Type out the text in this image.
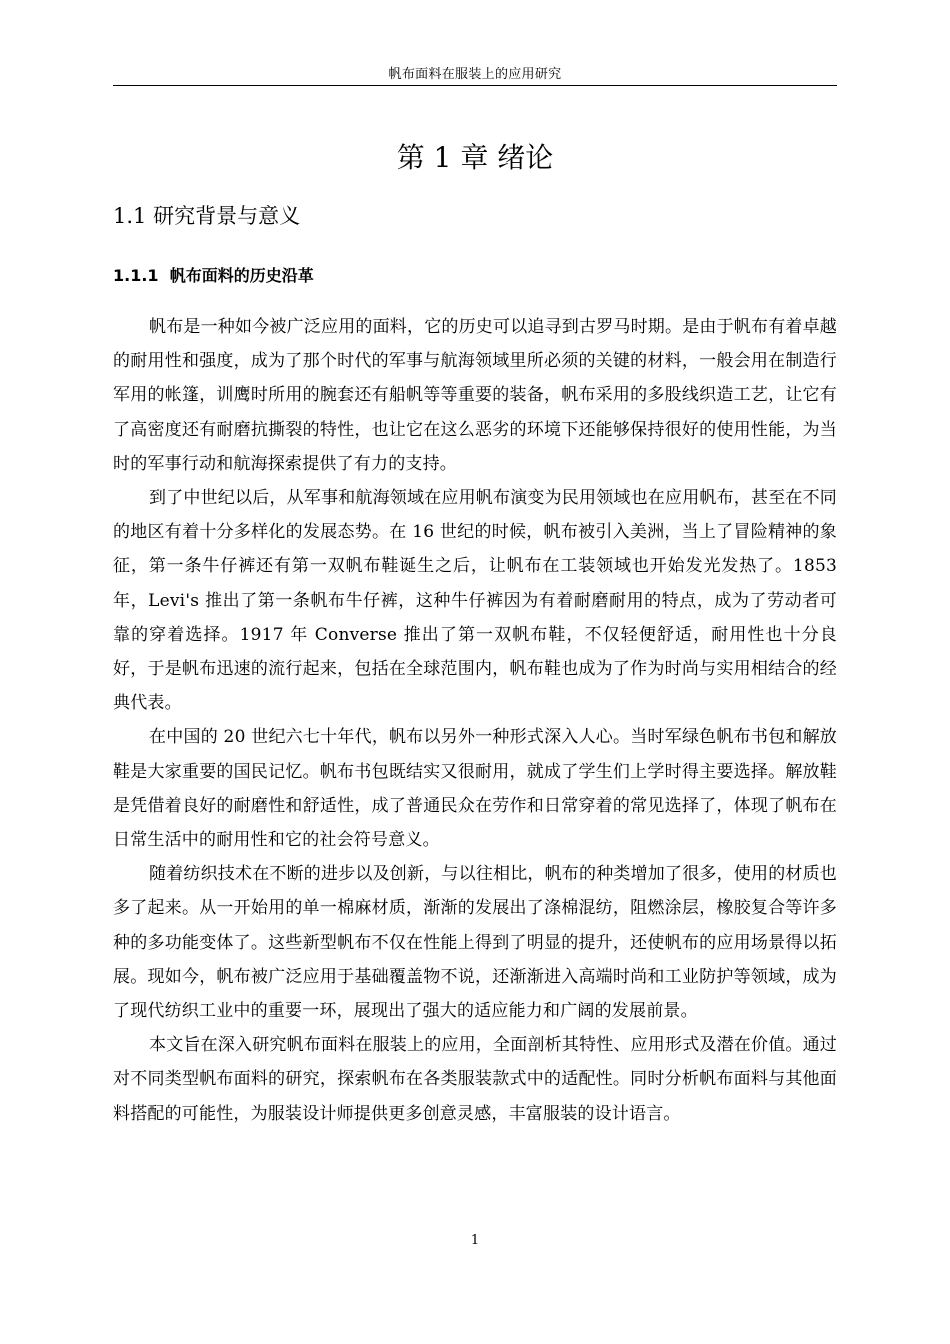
帆布面料在服装上的应用研究
第 1 章 绪论
1.1 研究背景与意义
1.1.1  帆布面料的历史沿革

帆布是一种如今被广泛应用的面料，它的历史可以追寻到古罗马时期。是由于帆布有着卓越的耐用性和强度，成为了那个时代的军事与航海领域里所必须的关键的材料，一般会用在制造行军用的帐篷，训鹰时所用的腕套还有船帆等等重要的装备，帆布采用的多股线织造工艺，让它有了高密度还有耐磨抗撕裂的特性，也让它在这么恶劣的环境下还能够保持很好的使用性能，为当时的军事行动和航海探索提供了有力的支持。

到了中世纪以后，从军事和航海领域在应用帆布演变为民用领域也在应用帆布，甚至在不同的地区有着十分多样化的发展态势。在 16 世纪的时候，帆布被引入美洲，当上了冒险精神的象征，第一条牛仔裤还有第一双帆布鞋诞生之后，让帆布在工装领域也开始发光发热了。1853 年，Levi's 推出了第一条帆布牛仔裤，这种牛仔裤因为有着耐磨耐用的特点，成为了劳动者可靠的穿着选择。1917 年 Converse 推出了第一双帆布鞋，不仅轻便舒适，耐用性也十分良好，于是帆布迅速的流行起来，包括在全球范围内，帆布鞋也成为了作为时尚与实用相结合的经典代表。

在中国的 20 世纪六七十年代，帆布以另外一种形式深入人心。当时军绿色帆布书包和解放鞋是大家重要的国民记忆。帆布书包既结实又很耐用，就成了学生们上学时得主要选择。解放鞋是凭借着良好的耐磨性和舒适性，成了普通民众在劳作和日常穿着的常见选择了，体现了帆布在日常生活中的耐用性和它的社会符号意义。

随着纺织技术在不断的进步以及创新，与以往相比，帆布的种类增加了很多，使用的材质也多了起来。从一开始用的单一棉麻材质，渐渐的发展出了涤棉混纺，阻燃涂层，橡胶复合等许多种的多功能变体了。这些新型帆布不仅在性能上得到了明显的提升，还使帆布的应用场景得以拓展。现如今，帆布被广泛应用于基础覆盖物不说，还渐渐进入高端时尚和工业防护等领域，成为了现代纺织工业中的重要一环，展现出了强大的适应能力和广阔的发展前景。

本文旨在深入研究帆布面料在服装上的应用，全面剖析其特性、应用形式及潜在价值。通过对不同类型帆布面料的研究，探索帆布在各类服装款式中的适配性。同时分析帆布面料与其他面料搭配的可能性，为服装设计师提供更多创意灵感，丰富服装的设计语言。

1
